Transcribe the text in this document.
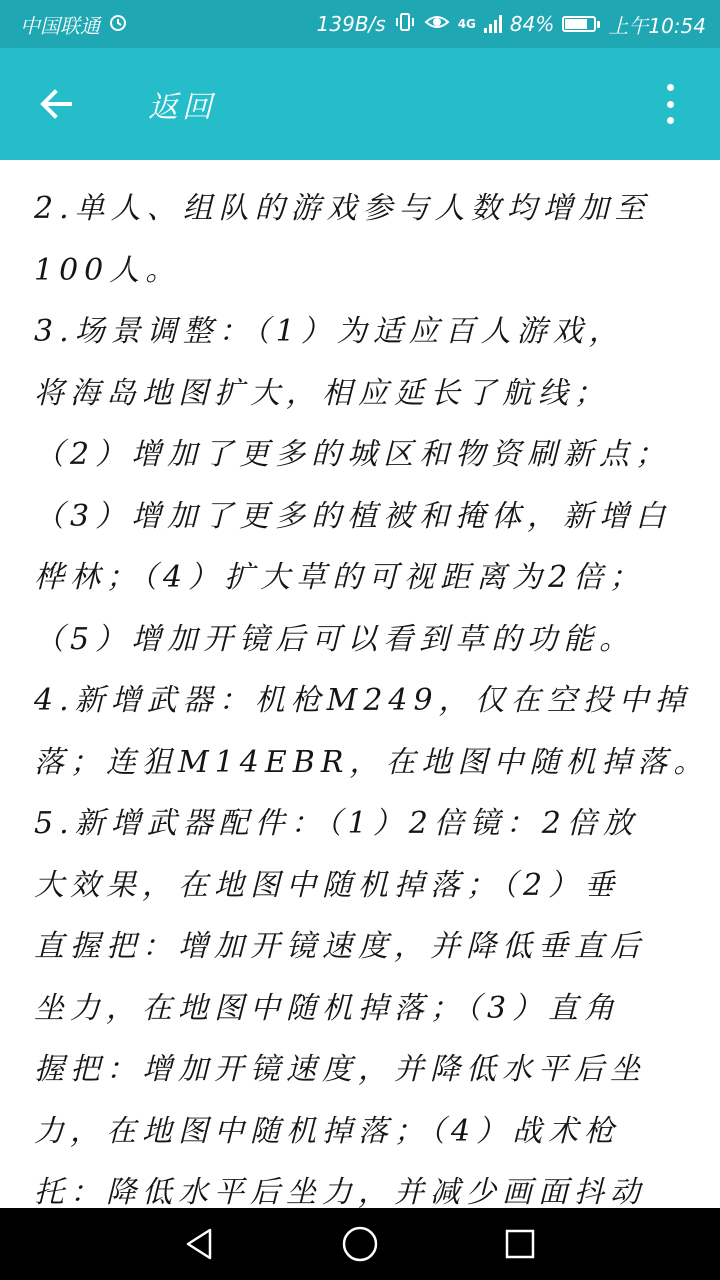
中国联通	139B/s	4G 84%	上午10:54
返回

2.单人、组队的游戏参与人数均增加至

100人。

3.场景调整：（1）为适应百人游戏，

将海岛地图扩大，相应延长了航线；

（2）增加了更多的城区和物资刷新点；

（3）增加了更多的植被和掩体，新增白

桦林；（4）扩大草的可视距离为2倍；

（5）增加开镜后可以看到草的功能。

4.新增武器：机枪M249，仅在空投中掉

落；连狙M14EBR，在地图中随机掉落。

5.新增武器配件：（1）2倍镜：2倍放

大效果，在地图中随机掉落；（2）垂

直握把：增加开镜速度，并降低垂直后

坐力，在地图中随机掉落；（3）直角

握把：增加开镜速度，并降低水平后坐

力，在地图中随机掉落；（4）战术枪

托：降低水平后坐力，并减少画面抖动
